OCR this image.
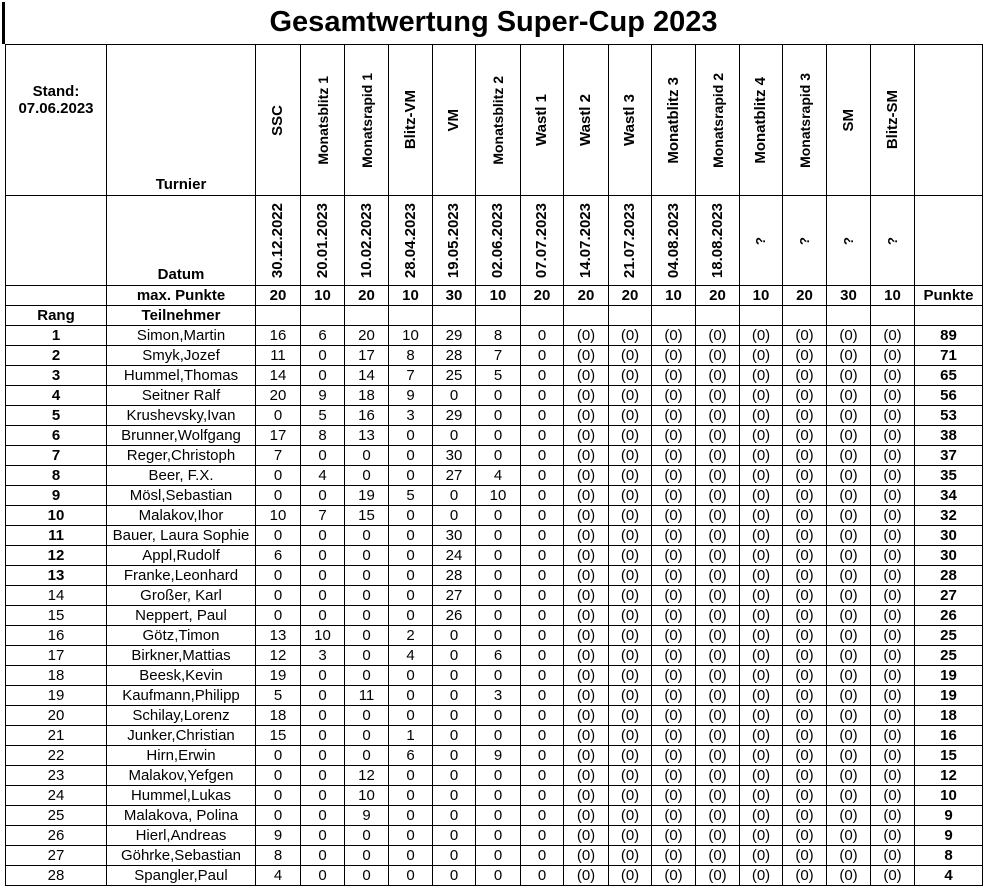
Gesamtwertung Super-Cup 2023
Stand:
07.06.2023	Turnier	SSC	Monatsblitz 1	Monatsrapid 1	Blitz-VM	VM	Monatsblitz 2	Wastl 1	Wastl 2	Wastl 3	Monatblitz 3	Monatsrapid 2	Monatblitz 4	Monatsrapid 3	SM	Blitz-SM	

	Datum	30.12.2022	20.01.2023	10.02.2023	28.04.2023	19.05.2023	02.06.2023	07.07.2023	14.07.2023	21.07.2023	04.08.2023	18.08.2023	?	?	?	?	

	max. Punkte	20	10	20	10	30	10	20	20	20	10	20	10	20	30	10	Punkte
Rang	Teilnehmer																
1	Simon,Martin	16	6	20	10	29	8	0	(0)	(0)	(0)	(0)	(0)	(0)	(0)	(0)	89
2	Smyk,Jozef	11	0	17	8	28	7	0	(0)	(0)	(0)	(0)	(0)	(0)	(0)	(0)	71
3	Hummel,Thomas	14	0	14	7	25	5	0	(0)	(0)	(0)	(0)	(0)	(0)	(0)	(0)	65
4	Seitner Ralf	20	9	18	9	0	0	0	(0)	(0)	(0)	(0)	(0)	(0)	(0)	(0)	56
5	Krushevsky,Ivan	0	5	16	3	29	0	0	(0)	(0)	(0)	(0)	(0)	(0)	(0)	(0)	53
6	Brunner,Wolfgang	17	8	13	0	0	0	0	(0)	(0)	(0)	(0)	(0)	(0)	(0)	(0)	38
7	Reger,Christoph	7	0	0	0	30	0	0	(0)	(0)	(0)	(0)	(0)	(0)	(0)	(0)	37
8	Beer, F.X.	0	4	0	0	27	4	0	(0)	(0)	(0)	(0)	(0)	(0)	(0)	(0)	35
9	Mösl,Sebastian	0	0	19	5	0	10	0	(0)	(0)	(0)	(0)	(0)	(0)	(0)	(0)	34
10	Malakov,Ihor	10	7	15	0	0	0	0	(0)	(0)	(0)	(0)	(0)	(0)	(0)	(0)	32
11	Bauer, Laura Sophie	0	0	0	0	30	0	0	(0)	(0)	(0)	(0)	(0)	(0)	(0)	(0)	30
12	Appl,Rudolf	6	0	0	0	24	0	0	(0)	(0)	(0)	(0)	(0)	(0)	(0)	(0)	30
13	Franke,Leonhard	0	0	0	0	28	0	0	(0)	(0)	(0)	(0)	(0)	(0)	(0)	(0)	28
14	Großer, Karl	0	0	0	0	27	0	0	(0)	(0)	(0)	(0)	(0)	(0)	(0)	(0)	27
15	Neppert, Paul	0	0	0	0	26	0	0	(0)	(0)	(0)	(0)	(0)	(0)	(0)	(0)	26
16	Götz,Timon	13	10	0	2	0	0	0	(0)	(0)	(0)	(0)	(0)	(0)	(0)	(0)	25
17	Birkner,Mattias	12	3	0	4	0	6	0	(0)	(0)	(0)	(0)	(0)	(0)	(0)	(0)	25
18	Beesk,Kevin	19	0	0	0	0	0	0	(0)	(0)	(0)	(0)	(0)	(0)	(0)	(0)	19
19	Kaufmann,Philipp	5	0	11	0	0	3	0	(0)	(0)	(0)	(0)	(0)	(0)	(0)	(0)	19
20	Schilay,Lorenz	18	0	0	0	0	0	0	(0)	(0)	(0)	(0)	(0)	(0)	(0)	(0)	18
21	Junker,Christian	15	0	0	1	0	0	0	(0)	(0)	(0)	(0)	(0)	(0)	(0)	(0)	16
22	Hirn,Erwin	0	0	0	6	0	9	0	(0)	(0)	(0)	(0)	(0)	(0)	(0)	(0)	15
23	Malakov,Yefgen	0	0	12	0	0	0	0	(0)	(0)	(0)	(0)	(0)	(0)	(0)	(0)	12
24	Hummel,Lukas	0	0	10	0	0	0	0	(0)	(0)	(0)	(0)	(0)	(0)	(0)	(0)	10
25	Malakova, Polina	0	0	9	0	0	0	0	(0)	(0)	(0)	(0)	(0)	(0)	(0)	(0)	9
26	Hierl,Andreas	9	0	0	0	0	0	0	(0)	(0)	(0)	(0)	(0)	(0)	(0)	(0)	9
27	Göhrke,Sebastian	8	0	0	0	0	0	0	(0)	(0)	(0)	(0)	(0)	(0)	(0)	(0)	8
28	Spangler,Paul	4	0	0	0	0	0	0	(0)	(0)	(0)	(0)	(0)	(0)	(0)	(0)	4
